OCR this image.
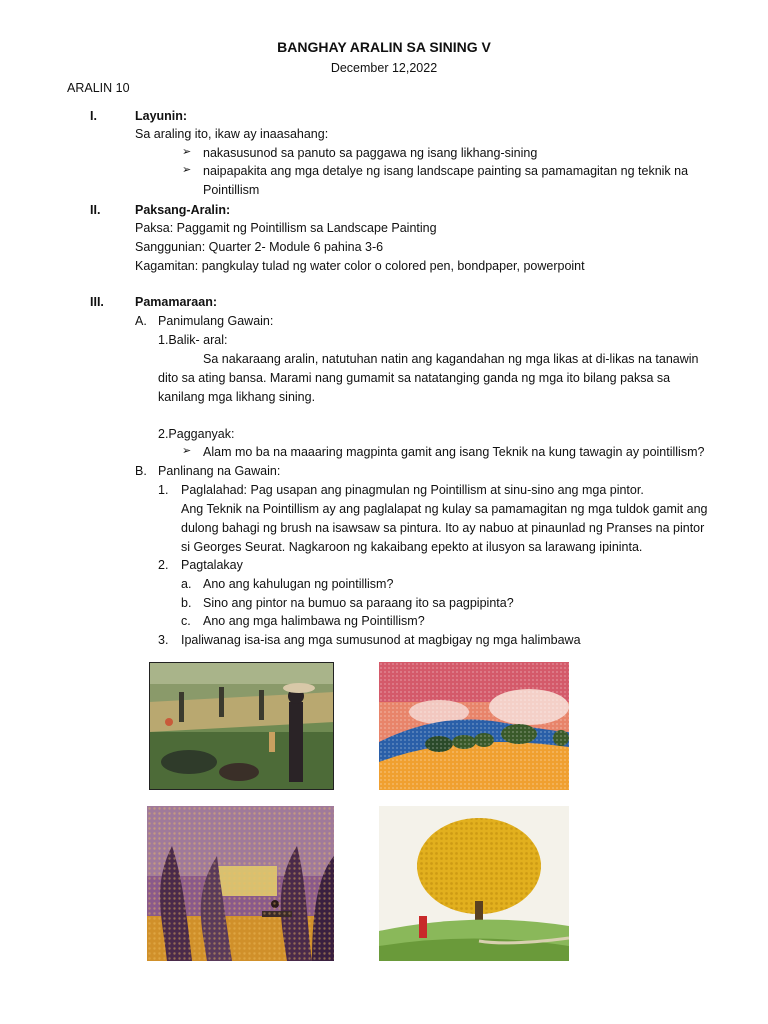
BANGHAY ARALIN SA SINING V
December 12,2022
ARALIN 10
I.	Layunin:
Sa araling ito, ikaw ay inaasahang:
➢ nakasusunod sa panuto sa paggawa ng isang likhang-sining
➢ naipapakita ang mga detalye ng isang landscape painting sa pamamagitan ng teknik na
Pointillism
II.	Paksang-Aralin:
Paksa: Paggamit ng Pointillism sa Landscape Painting
Sanggunian: Quarter 2- Module 6 pahina 3-6
Kagamitan: pangkulay tulad ng water color o colored pen, bondpaper, powerpoint
III. Pamamaraan:
A. Panimulang Gawain:
1.Balik- aral:
Sa nakaraang aralin, natutuhan natin ang kagandahan ng mga likas at di-likas na tanawin
dito sa ating bansa. Marami nang gumamit sa natatanging ganda ng mga ito bilang paksa sa
kanilang mga likhang sining.
2.Pagganyak:
➢ Alam mo ba na maaaring magpinta gamit ang isang Teknik na kung tawagin ay pointillism?
B. Panlinang na Gawain:
1. Paglalahad: Pag usapan ang pinagmulan ng Pointillism at sinu-sino ang mga pintor.
Ang Teknik na Pointillism ay ang paglalapat ng kulay sa pamamagitan ng mga tuldok gamit ang
dulong bahagi ng brush na isawsaw sa pintura. Ito ay nabuo at pinaunlad ng Pranses na pintor
si Georges Seurat. Nagkaroon ng kakaibang epekto at ilusyon sa larawang ipininta.
2. Pagtalakay
a. Ano ang kahulugan ng pointillism?
b. Sino ang pintor na bumuo sa paraang ito sa pagpipinta?
c. Ano ang mga halimbawa ng Pointillism?
3. Ipaliwanag isa-isa ang mga sumusunod at magbigay ng mga halimbawa
